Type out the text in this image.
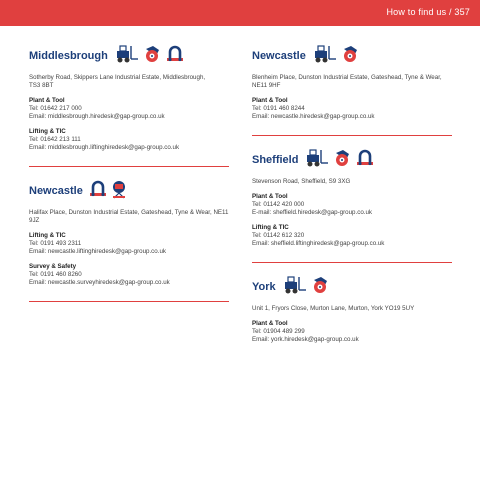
How to find us / 357
Middlesbrough
Sotherby Road, Skippers Lane Industrial Estate, Middlesbrough,
TS3 8BT
Plant & Tool
Tel: 01642 217 000
Email: middlesbrough.hiredesk@gap-group.co.uk
Lifting & TIC
Tel: 01642 213 111
Email: middlesbrough.liftinghiredesk@gap-group.co.uk
Newcastle
Halifax Place, Dunston Industrial Estate, Gateshead, Tyne & Wear, NE11 9JZ
Lifting & TIC
Tel: 0191 493 2311
Email: newcastle.liftinghiredesk@gap-group.co.uk
Survey & Safety
Tel: 0191 460 8260
Email: newcastle.surveyhiredesk@gap-group.co.uk
Newcastle
Blenheim Place, Dunston Industrial Estate, Gateshead, Tyne & Wear,
NE11 9HF
Plant & Tool
Tel: 0191 460 8244
Email: newcastle.hiredesk@gap-group.co.uk
Sheffield
Stevenson Road, Sheffield, S9 3XG
Plant & Tool
Tel: 01142 420 000
E-mail: sheffield.hiredesk@gap-group.co.uk
Lifting & TIC
Tel: 01142 612 320
Email: sheffield.liftinghiredesk@gap-group.co.uk
York
Unit 1, Fryors Close, Murton Lane, Murton, York YO19 5UY
Plant & Tool
Tel: 01904 489 299
Email: york.hiredesk@gap-group.co.uk
